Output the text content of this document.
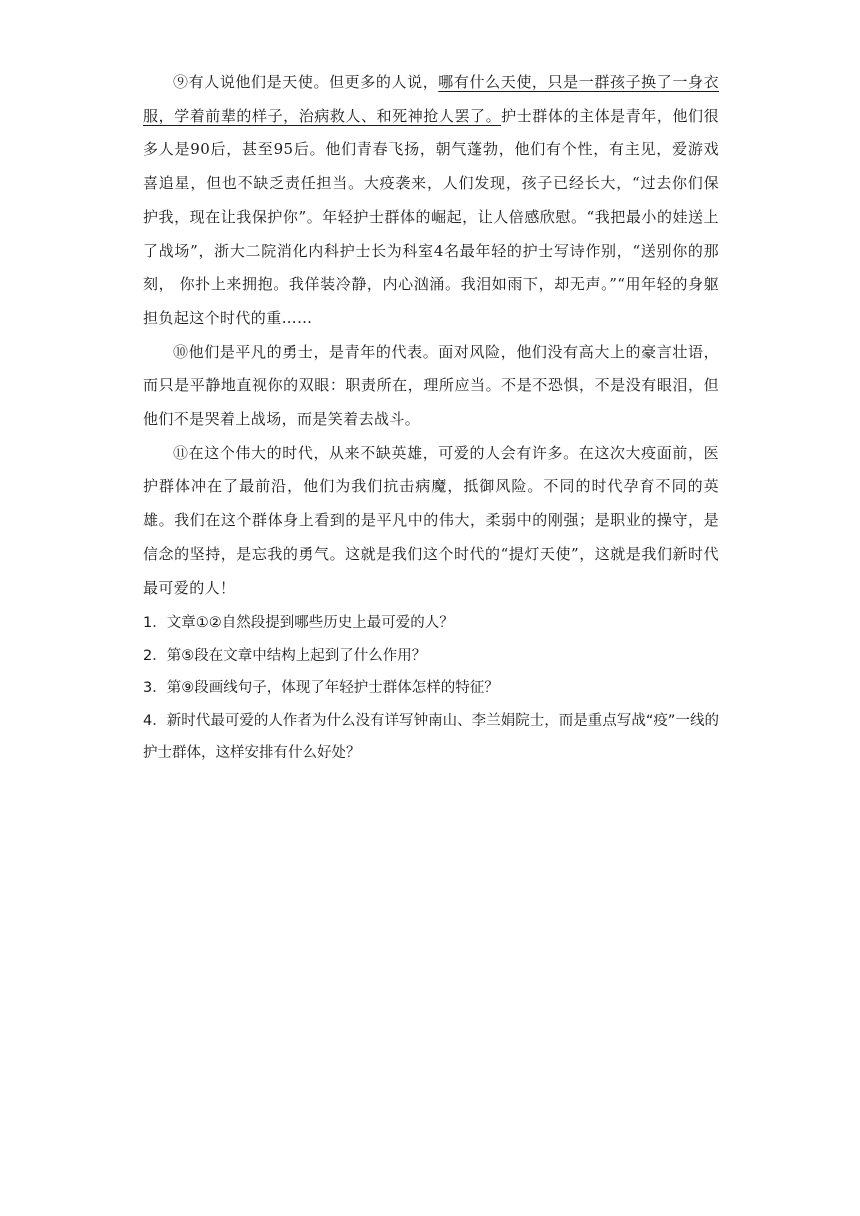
⑨有人说他们是天使。但更多的人说，哪有什么天使，只是一群孩子换了一身衣服，学着前辈的样子，治病救人、和死神抢人罢了。护士群体的主体是青年，他们很多人是90后，甚至95后。他们青春飞扬，朝气蓬勃，他们有个性，有主见，爱游戏喜追星，但也不缺乏责任担当。大疫袭来，人们发现，孩子已经长大，“过去你们保护我，现在让我保护你”。年轻护士群体的崛起，让人倍感欣慰。“我把最小的娃送上了战场”，浙大二院消化内科护士长为科室4名最年轻的护士写诗作别，“送别你的那刻， 你扑上来拥抱。我佯装冷静，内心汹涌。我泪如雨下，却无声。”“用年轻的身躯担负起这个时代的重……

⑩他们是平凡的勇士，是青年的代表。面对风险，他们没有高大上的豪言壮语，而只是平静地直视你的双眼：职责所在，理所应当。不是不恐惧，不是没有眼泪，但他们不是哭着上战场，而是笑着去战斗。

⑪在这个伟大的时代，从来不缺英雄，可爱的人会有许多。在这次大疫面前，医护群体冲在了最前沿，他们为我们抗击病魔，抵御风险。不同的时代孕育不同的英雄。我们在这个群体身上看到的是平凡中的伟大，柔弱中的刚强；是职业的操守，是信念的坚持，是忘我的勇气。这就是我们这个时代的“提灯天使”，这就是我们新时代最可爱的人！

1．文章①②自然段提到哪些历史上最可爱的人？

2．第⑤段在文章中结构上起到了什么作用？

3．第⑨段画线句子，体现了年轻护士群体怎样的特征？

4．新时代最可爱的人作者为什么没有详写钟南山、李兰娟院士，而是重点写战“疫”一线的护士群体，这样安排有什么好处？
